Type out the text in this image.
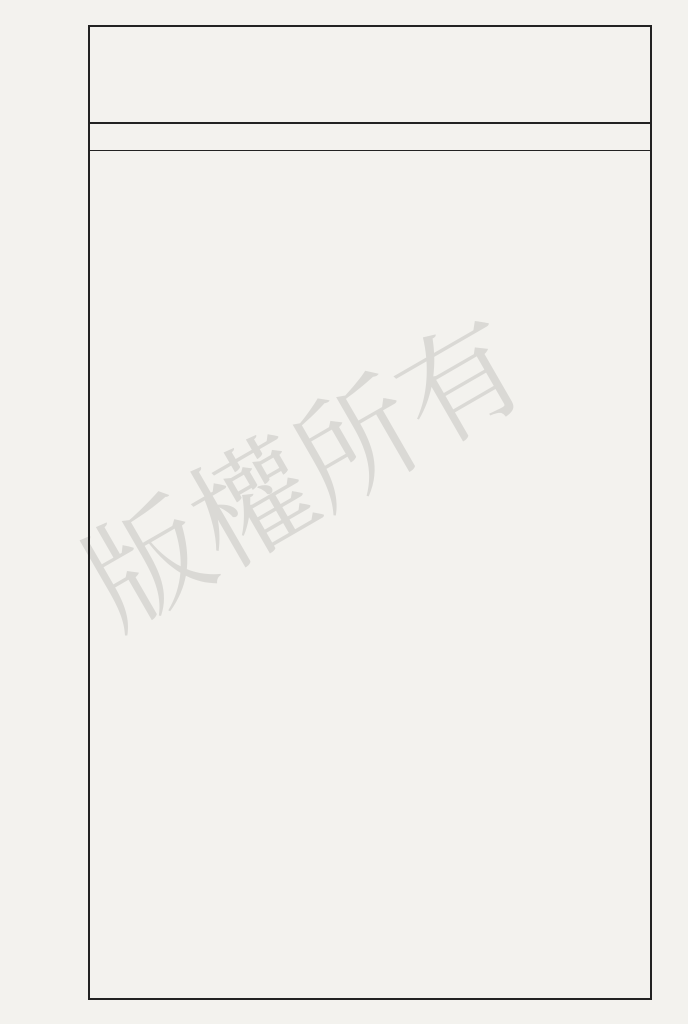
版權所有
